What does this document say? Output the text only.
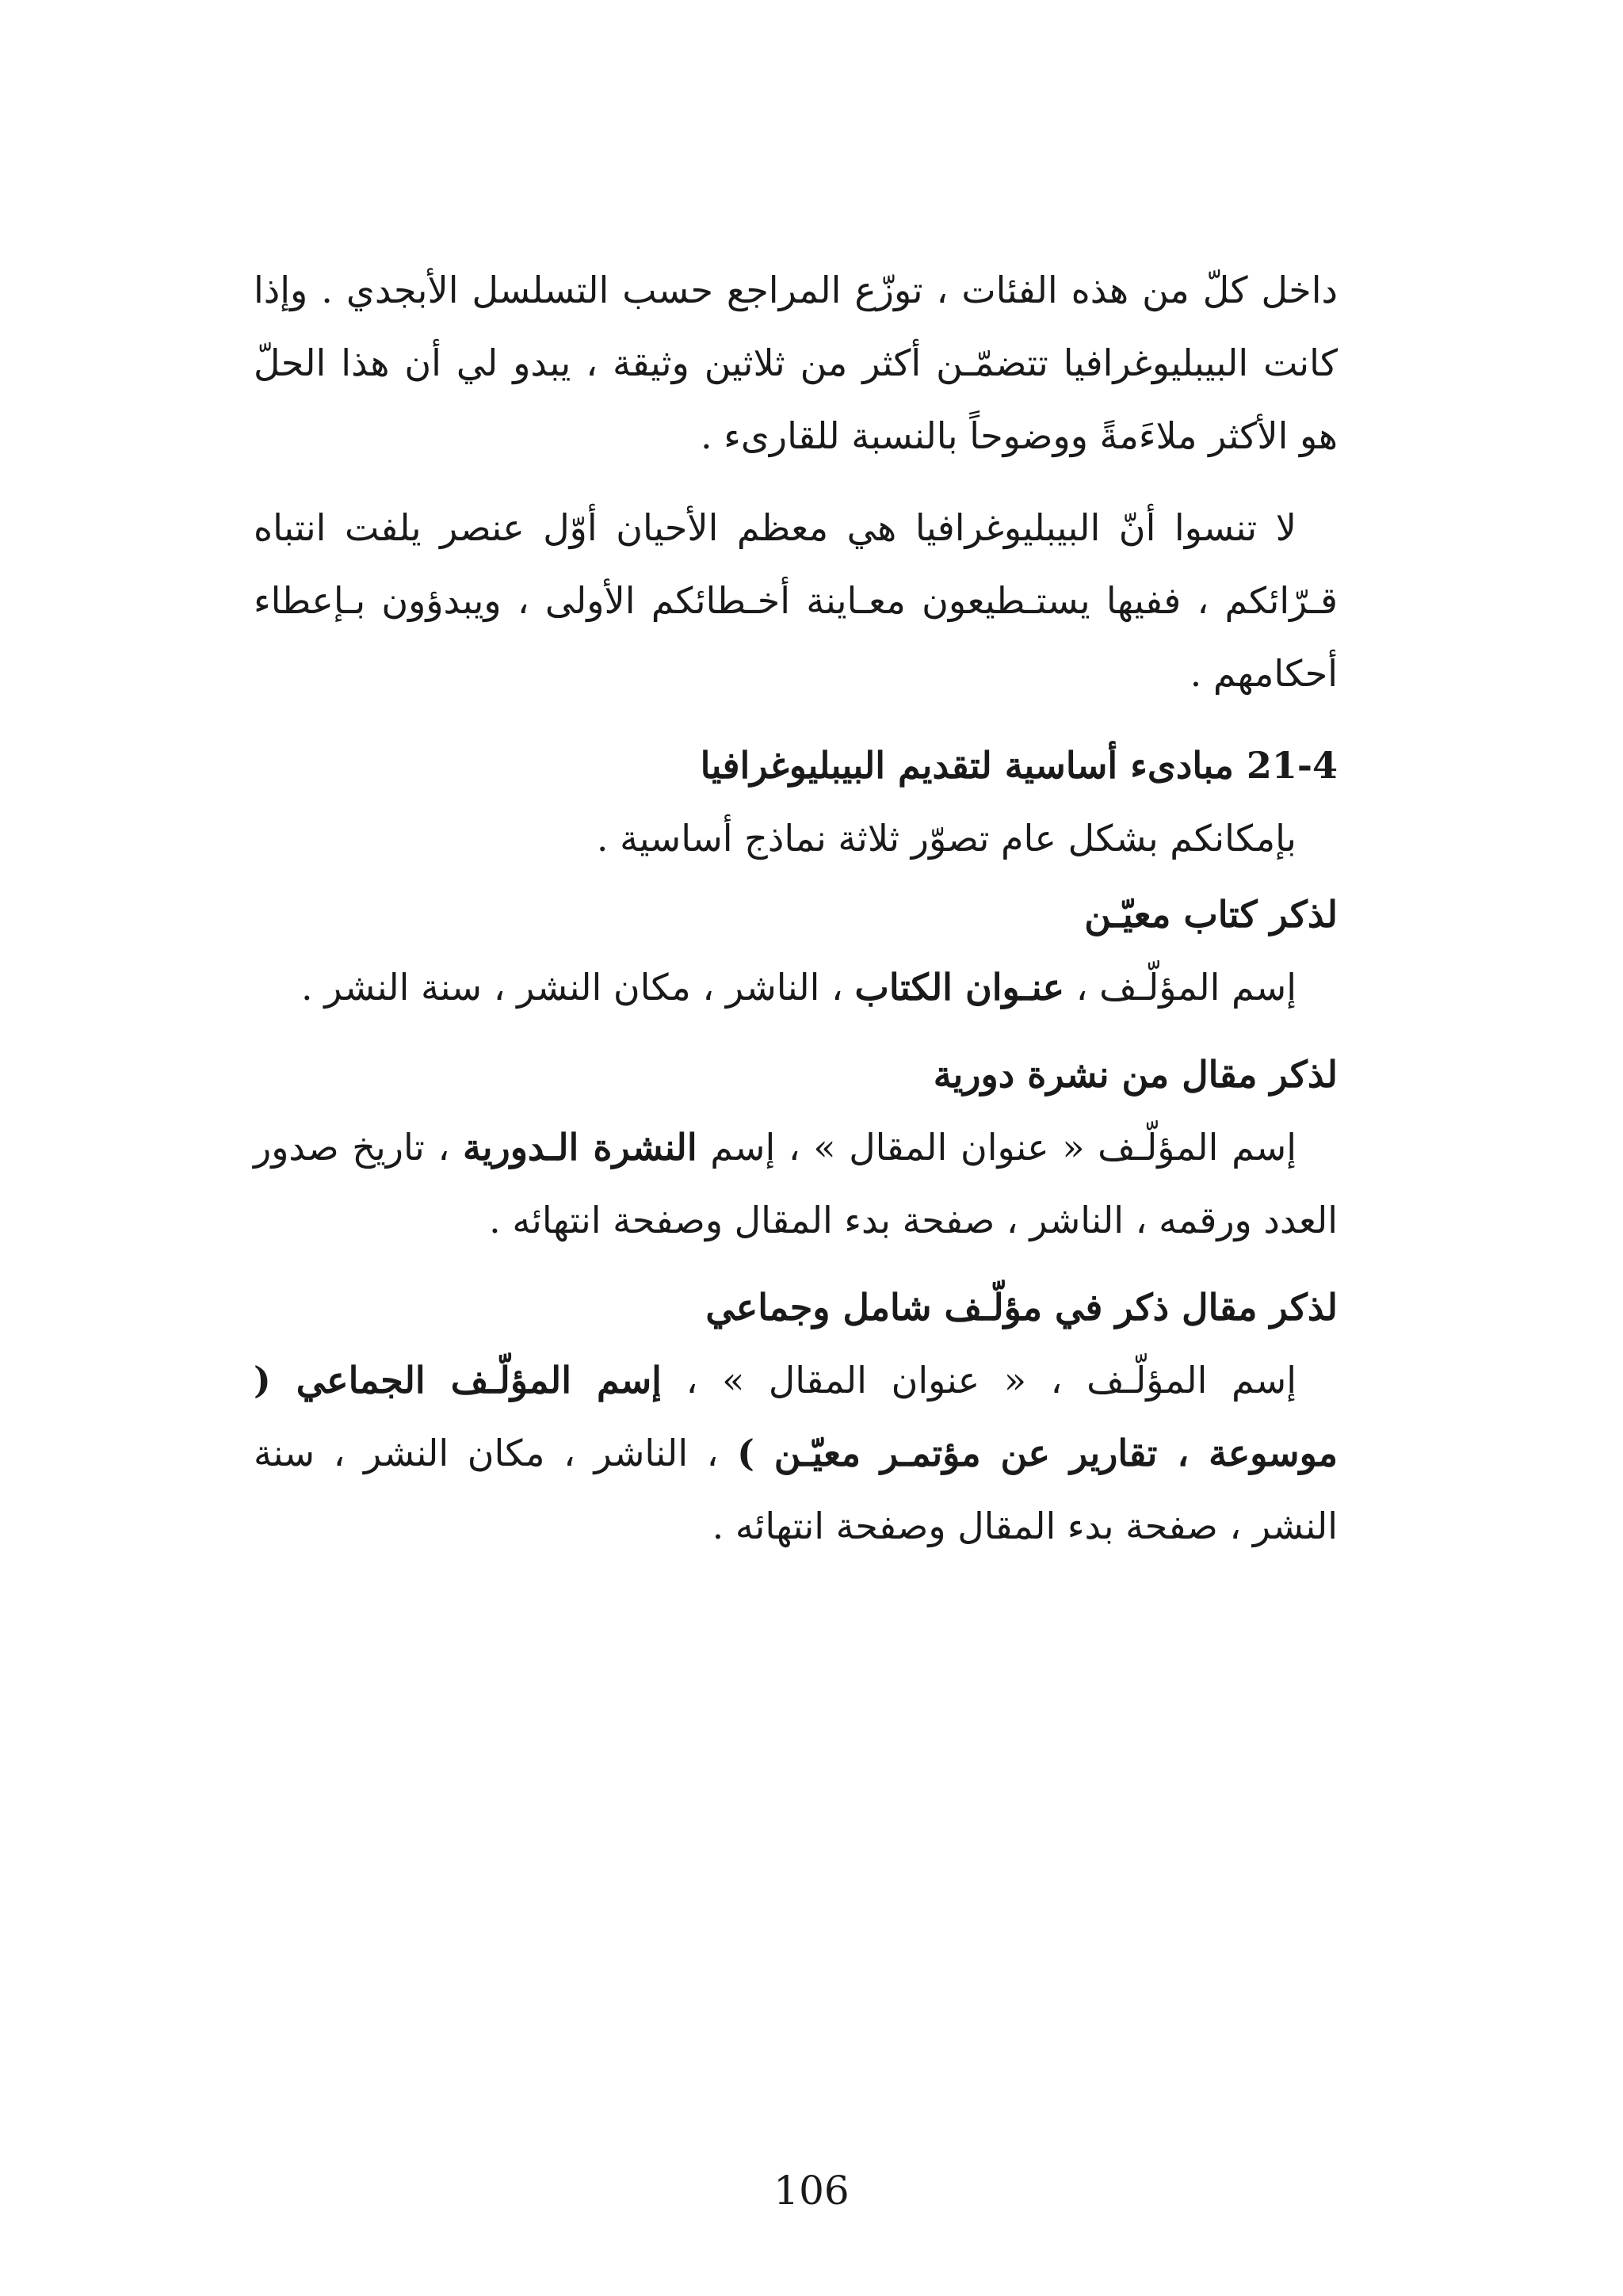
داخل كلّ من هذه الفئات ، توزّع المراجع حسب التسلسل الأبجدي . وإذا كانت البيبليوغرافيا تتضمّـن أكثر من ثلاثين وثيقة ، يبدو لي أن هذا الحلّ هو الأكثر ملاءَمةً ووضوحاً بالنسبة للقارىء .

لا تنسوا أنّ البيبليوغرافيا هي معظم الأحيان أوّل عنصر يلفت انتباه قـرّائكم ، ففيها يستـطيعون معـاينة أخـطائكم الأولى ، ويبدؤون بـإعطاء أحكامهم .

21-4 مبادىء أساسية لتقديم البيبليوغرافيا

بإمكانكم بشكل عام تصوّر ثلاثة نماذج أساسية .

لذكر كتاب معيّـن

إسم المؤلّـف ، عنـوان الكتاب ، الناشر ، مكان النشر ، سنة النشر .

لذكر مقال من نشرة دورية

إسم المؤلّـف « عنوان المقال » ، إسم النشرة الـدورية ، تاريخ صدور العدد ورقمه ، الناشر ، صفحة بدء المقال وصفحة انتهائه .

لذكر مقال ذكر في مؤلّـف شامل وجماعي

إسم المؤلّـف ، « عنوان المقال » ، إسم المؤلّـف الجماعي ( موسوعة ، تقارير عن مؤتمـر معيّـن ) ، الناشر ، مكان النشر ، سنة النشر ، صفحة بدء المقال وصفحة انتهائه .

106
